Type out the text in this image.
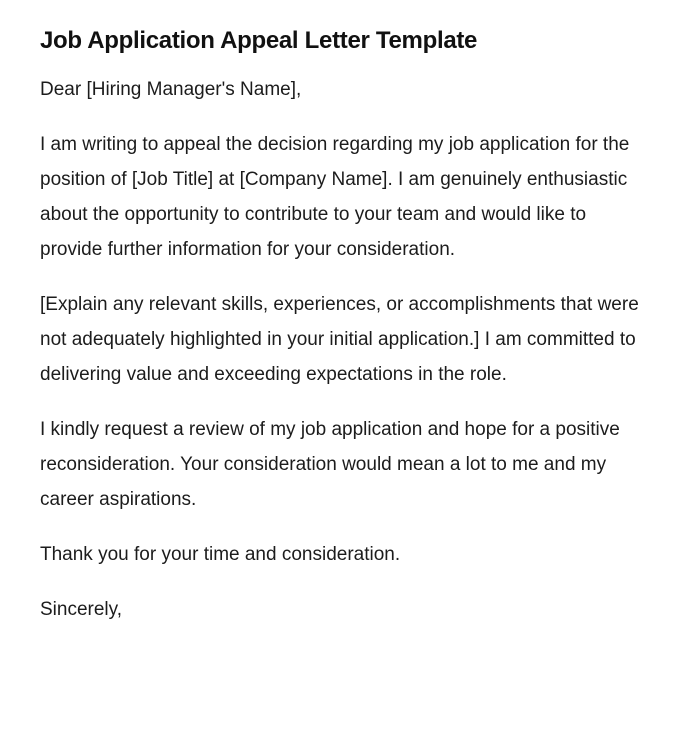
Job Application Appeal Letter Template

Dear [Hiring Manager's Name],

I am writing to appeal the decision regarding my job application for the position of [Job Title] at [Company Name]. I am genuinely enthusiastic about the opportunity to contribute to your team and would like to provide further information for your consideration.

[Explain any relevant skills, experiences, or accomplishments that were not adequately highlighted in your initial application.] I am committed to delivering value and exceeding expectations in the role.

I kindly request a review of my job application and hope for a positive reconsideration. Your consideration would mean a lot to me and my career aspirations.

Thank you for your time and consideration.

Sincerely,
